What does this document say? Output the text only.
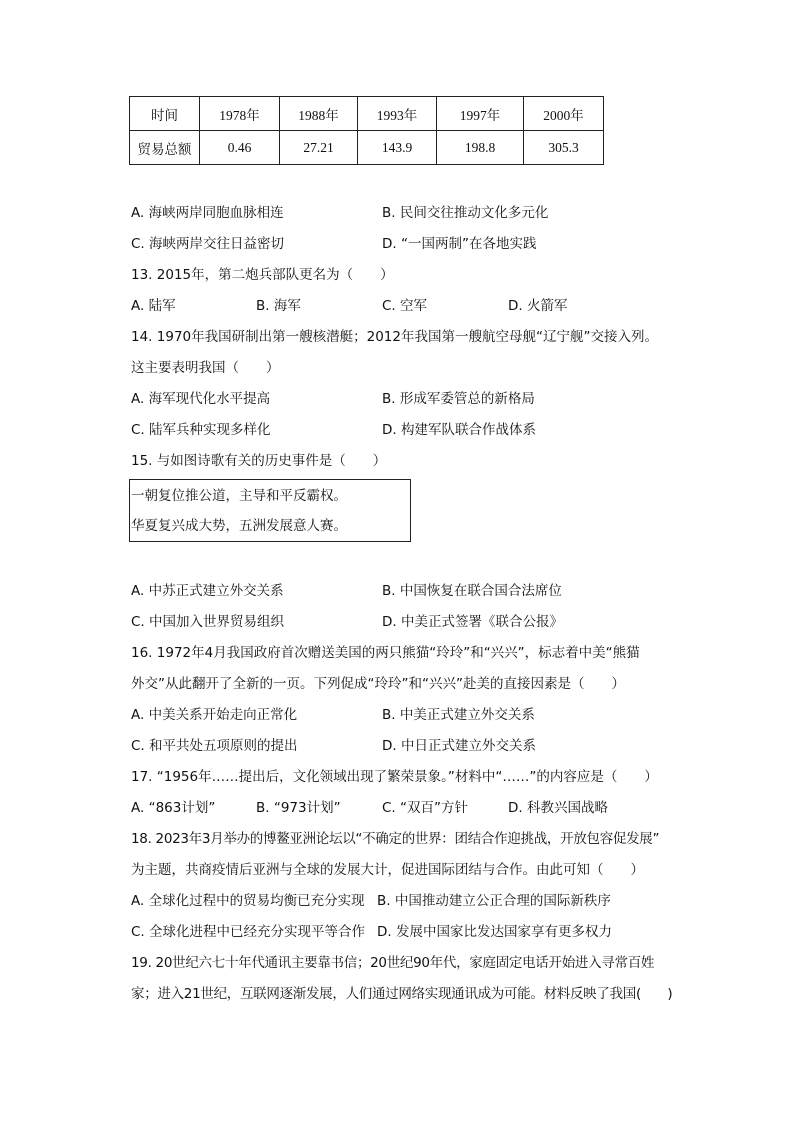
时间	1978年	1988年	1993年	1997年	2000年
贸易总额	0.46	27.21	143.9	198.8	305.3
A. 海峡两岸同胞血脉相连	B. 民间交往推动文化多元化
C. 海峡两岸交往日益密切	D. “一国两制”在各地实践
13. 2015年，第二炮兵部队更名为（　　）
A. 陆军	B. 海军	C. 空军	D. 火箭军
14. 1970年我国研制出第一艘核潜艇；2012年我国第一艘航空母舰“辽宁舰”交接入列。
这主要表明我国（　　）
A. 海军现代化水平提高	B. 形成军委管总的新格局
C. 陆军兵种实现多样化	D. 构建军队联合作战体系
15. 与如图诗歌有关的历史事件是（　　）
一朝复位推公道，主导和平反霸权。
华夏复兴成大势，五洲发展意人赛。
A. 中苏正式建立外交关系	B. 中国恢复在联合国合法席位
C. 中国加入世界贸易组织	D. 中美正式签署《联合公报》
16. 1972年4月我国政府首次赠送美国的两只熊猫“玲玲”和“兴兴”，标志着中美“熊猫
外交”从此翻开了全新的一页。下列促成“玲玲”和“兴兴”赴美的直接因素是（　　）
A. 中美关系开始走向正常化	B. 中美正式建立外交关系
C. 和平共处五项原则的提出	D. 中日正式建立外交关系
17. “1956年……提出后，文化领域出现了繁荣景象。”材料中“……”的内容应是（　　）
A. “863计划”	B. “973计划”	C. “双百”方针	D. 科教兴国战略
18. 2023年3月举办的博鳌亚洲论坛以“不确定的世界：团结合作迎挑战，开放包容促发展”
为主题，共商疫情后亚洲与全球的发展大计，促进国际团结与合作。由此可知（　　）
A. 全球化过程中的贸易均衡已充分实现 B. 中国推动建立公正合理的国际新秩序
C. 全球化进程中已经充分实现平等合作 D. 发展中国家比发达国家享有更多权力
19. 20世纪六七十年代通讯主要靠书信；20世纪90年代，家庭固定电话开始进入寻常百姓
家；进入21世纪，互联网逐渐发展，人们通过网络实现通讯成为可能。材料反映了我国(　　)
